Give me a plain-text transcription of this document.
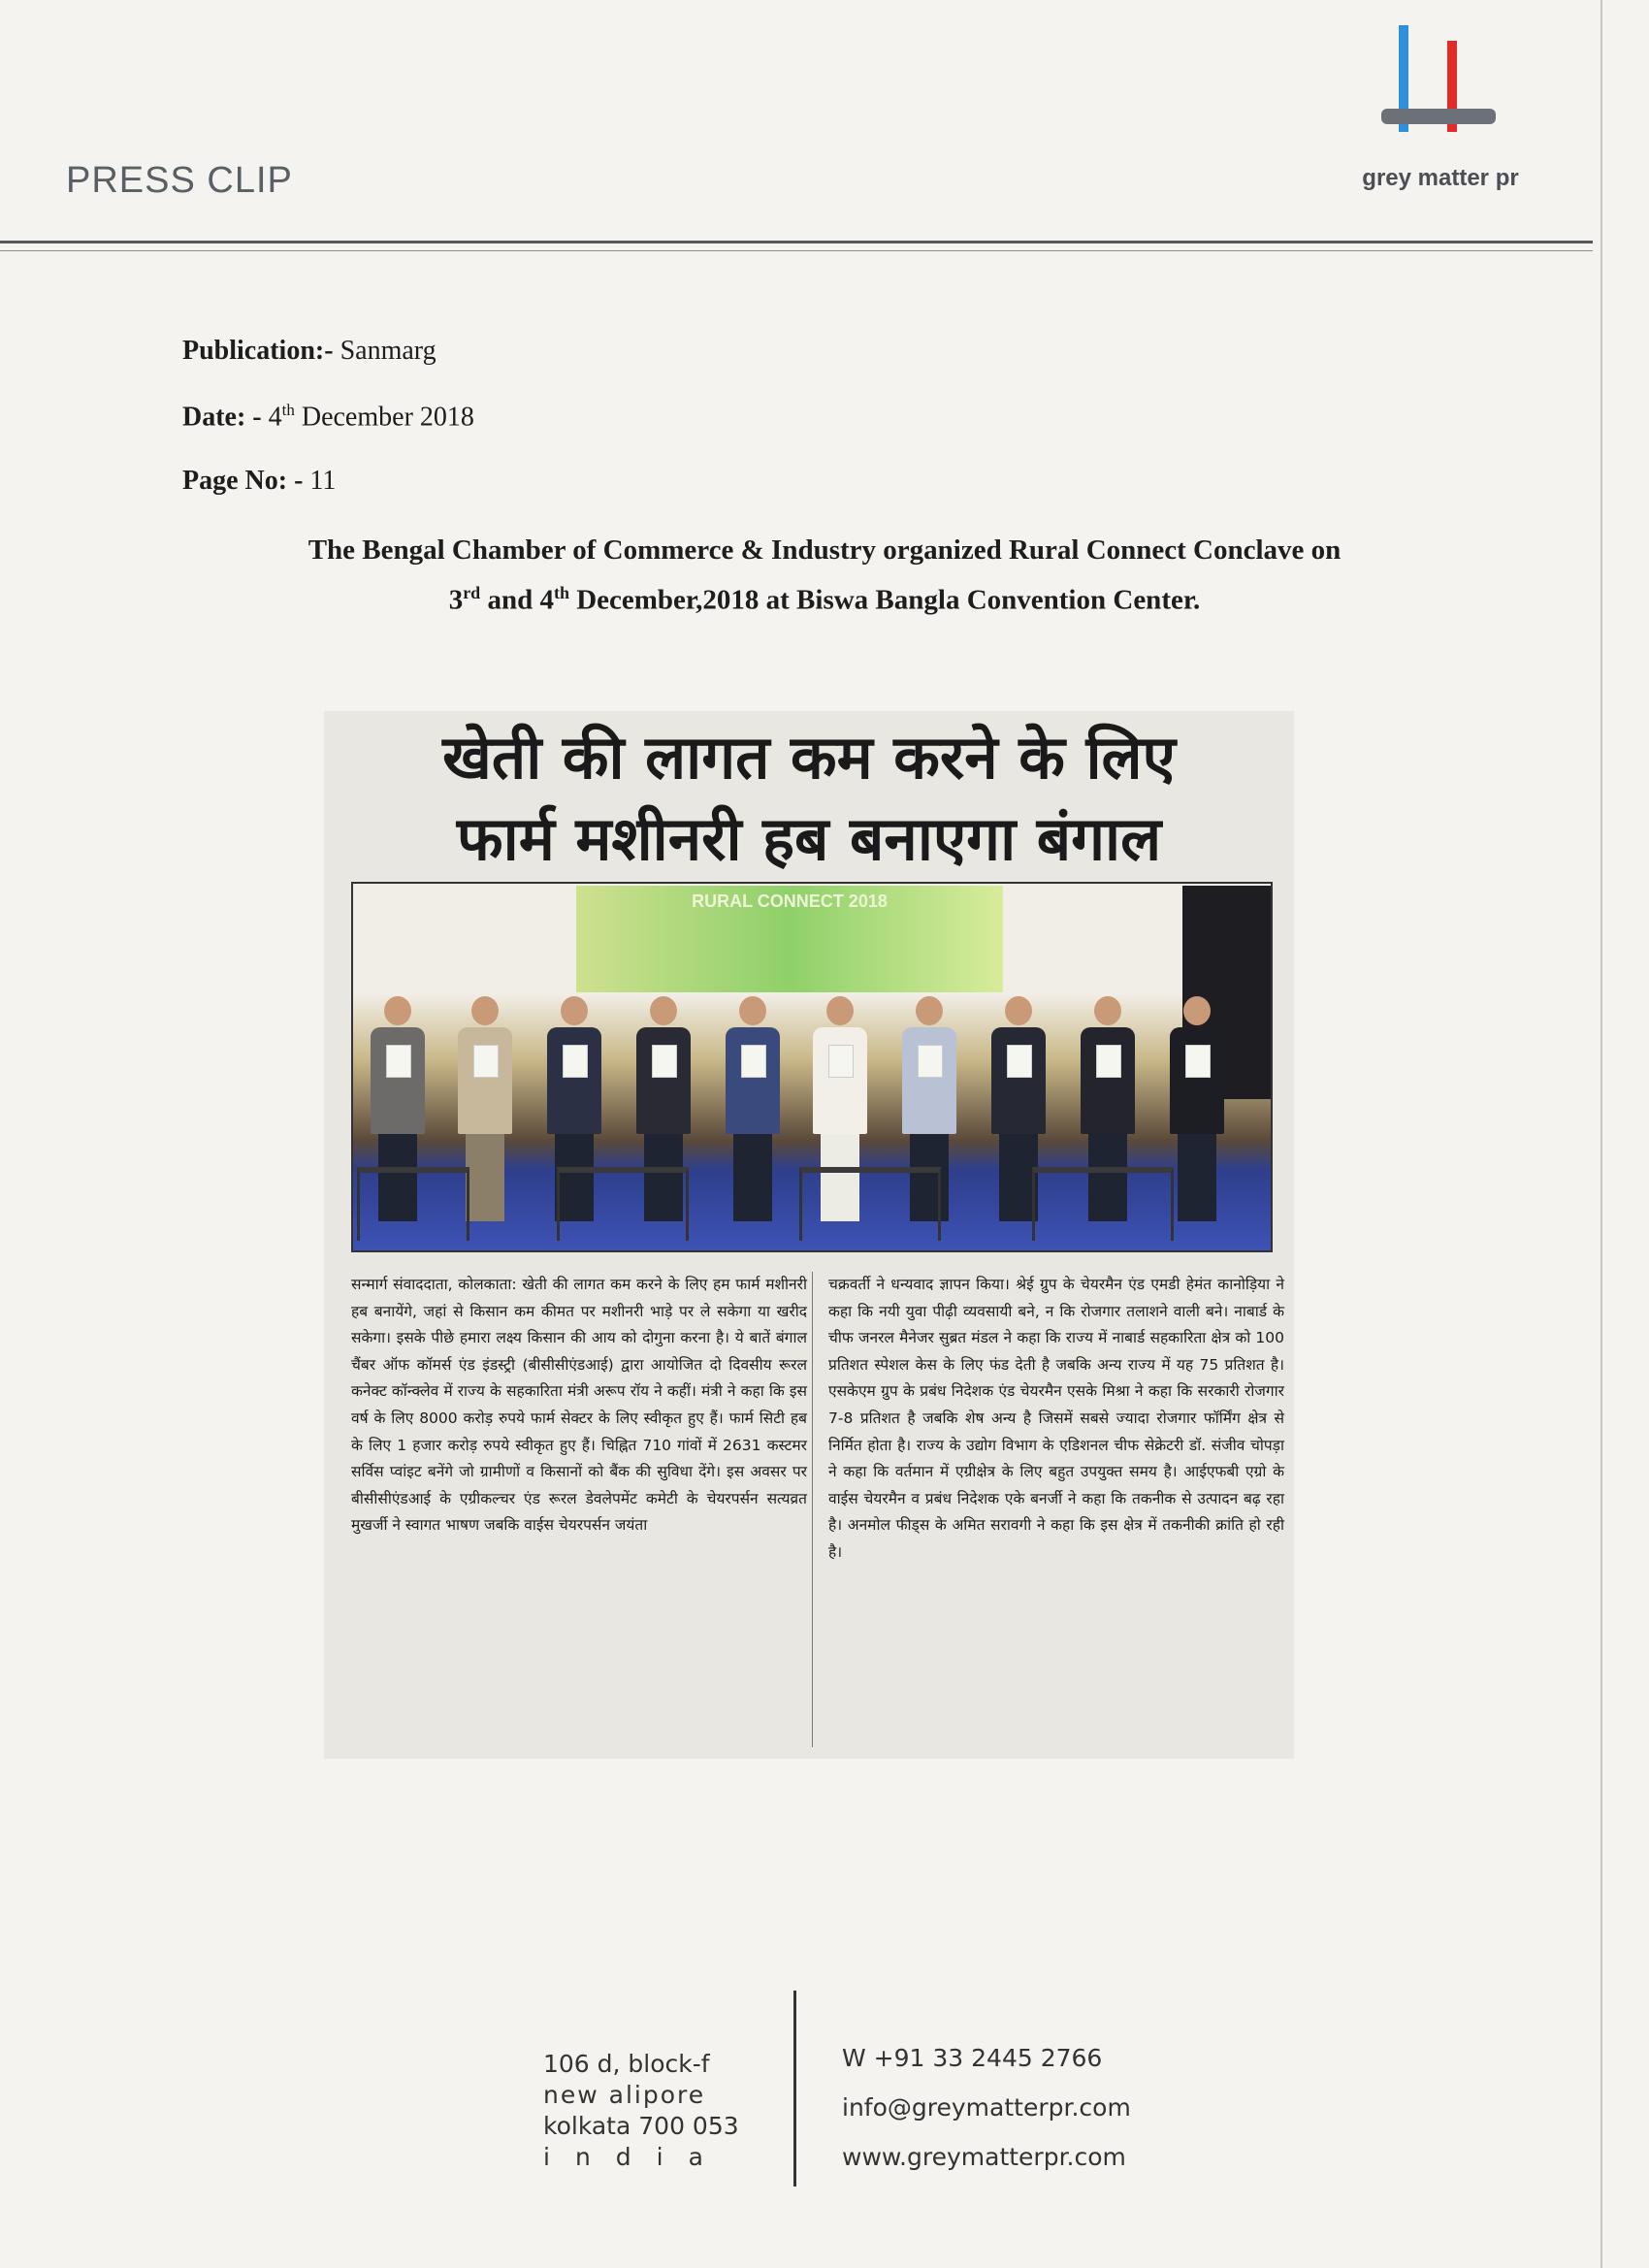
PRESS CLIP	grey matter pr
Publication:- Sanmarg
Date: - 4th December 2018
Page No: - 11
The Bengal Chamber of Commerce & Industry organized Rural Connect Conclave on
3rd and 4th December,2018 at Biswa Bangla Convention Center.
खेती की लागत कम करने के लिए
फार्म मशीनरी हब बनाएगा बंगाल
RURAL CONNECT 2018
सन्मार्ग संवाददाता, कोलकाता: खेती की लागत कम करने के लिए हम फार्म मशीनरी हब बनायेंगे, जहां से किसान कम कीमत पर मशीनरी भाड़े पर ले सकेगा या खरीद सकेगा। इसके पीछे हमारा लक्ष्य किसान की आय को दोगुना करना है। ये बातें बंगाल चैंबर ऑफ कॉमर्स एंड इंडस्ट्री (बीसीसीएंडआई) द्वारा आयोजित दो दिवसीय रूरल कनेक्ट कॉन्क्लेव में राज्य के सहकारिता मंत्री अरूप रॉय ने कहीं। मंत्री ने कहा कि इस वर्ष के लिए 8000 करोड़ रुपये फार्म सेक्टर के लिए स्वीकृत हुए हैं। फार्म सिटी हब के लिए 1 हजार करोड़ रुपये स्वीकृत हुए हैं। चिह्नित 710 गांवों में 2631 कस्टमर सर्विस प्वांइट बनेंगे जो ग्रामीणों व किसानों को बैंक की सुविधा देंगे। इस अवसर पर बीसीसीएंडआई के एग्रीकल्चर एंड रूरल डेवलेपमेंट कमेटी के चेयरपर्सन सत्यव्रत मुखर्जी ने स्वागत भाषण जबकि वाईस चेयरपर्सन जयंता
चक्रवर्ती ने धन्यवाद ज्ञापन किया। श्रेई ग्रुप के चेयरमैन एंड एमडी हेमंत कानोड़िया ने कहा कि नयी युवा पीढ़ी व्यवसायी बने, न कि रोजगार तलाशने वाली बने। नाबार्ड के चीफ जनरल मैनेजर सुब्रत मंडल ने कहा कि राज्य में नाबार्ड सहकारिता क्षेत्र को 100 प्रतिशत स्पेशल केस के लिए फंड देती है जबकि अन्य राज्य में यह 75 प्रतिशत है। एसकेएम ग्रुप के प्रबंध निदेशक एंड चेयरमैन एसके मिश्रा ने कहा कि सरकारी रोजगार 7-8 प्रतिशत है जबकि शेष अन्य है जिसमें सबसे ज्यादा रोजगार फॉर्मिंग क्षेत्र से निर्मित होता है। राज्य के उद्योग विभाग के एडिशनल चीफ सेक्रेटरी डॉ. संजीव चोपड़ा ने कहा कि वर्तमान में एग्रीक्षेत्र के लिए बहुत उपयुक्त समय है। आईएफबी एग्रो के वाईस चेयरमैन व प्रबंध निदेशक एके बनर्जी ने कहा कि तकनीक से उत्पादन बढ़ रहा है। अनमोल फीड्स के अमित सरावगी ने कहा कि इस क्षेत्र में तकनीकी क्रांति हो रही है।
106 d, block-f
new alipore
kolkata 700 053
india
W +91 33 2445 2766
info@greymatterpr.com
www.greymatterpr.com
